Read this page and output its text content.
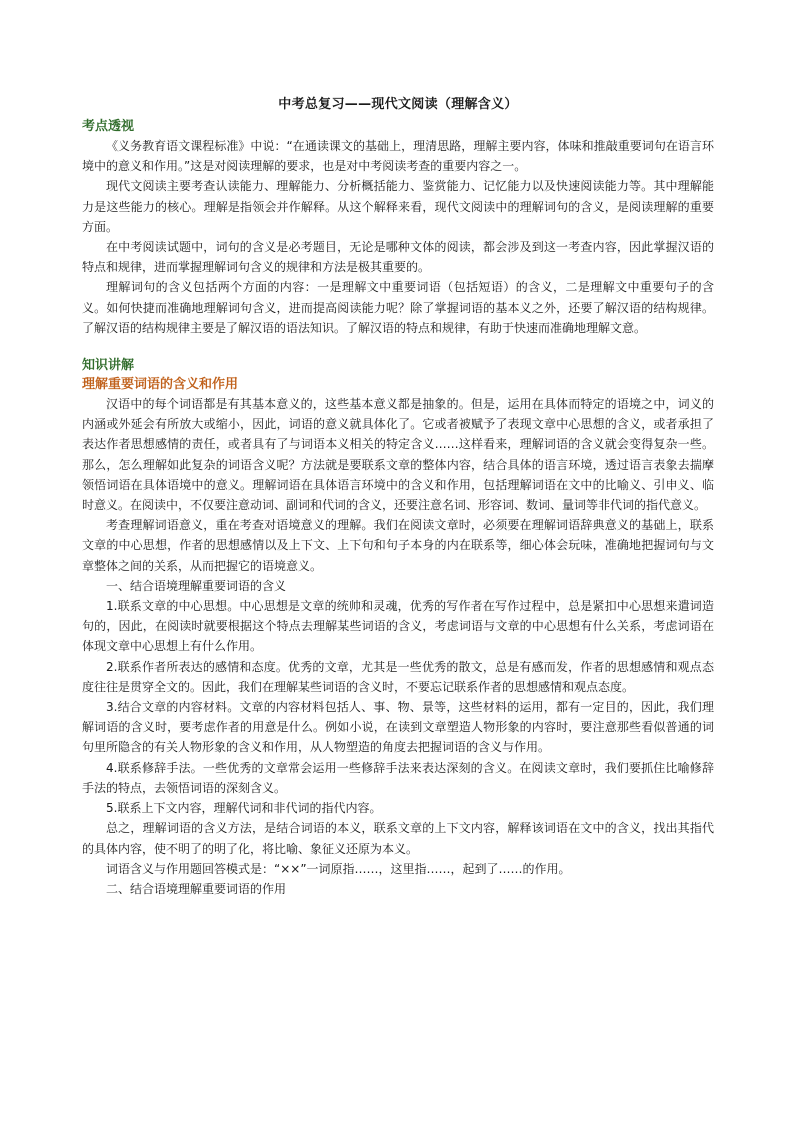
中考总复习——现代文阅读（理解含义）
考点透视

《义务教育语文课程标准》中说：“在通读课文的基础上，理清思路，理解主要内容，体味和推敲重要词句在语言环境中的意义和作用。”这是对阅读理解的要求，也是对中考阅读考查的重要内容之一。

现代文阅读主要考查认读能力、理解能力、分析概括能力、鉴赏能力、记忆能力以及快速阅读能力等。其中理解能力是这些能力的核心。理解是指领会并作解释。从这个解释来看，现代文阅读中的理解词句的含义，是阅读理解的重要方面。

在中考阅读试题中，词句的含义是必考题目，无论是哪种文体的阅读，都会涉及到这一考查内容，因此掌握汉语的特点和规律，进而掌握理解词句含义的规律和方法是极其重要的。

理解词句的含义包括两个方面的内容：一是理解文中重要词语（包括短语）的含义，二是理解文中重要句子的含义。如何快捷而准确地理解词句含义，进而提高阅读能力呢？除了掌握词语的基本义之外，还要了解汉语的结构规律。了解汉语的结构规律主要是了解汉语的语法知识。了解汉语的特点和规律，有助于快速而准确地理解文意。

知识讲解
理解重要词语的含义和作用

汉语中的每个词语都是有其基本意义的，这些基本意义都是抽象的。但是，运用在具体而特定的语境之中，词义的内涵或外延会有所放大或缩小，因此，词语的意义就具体化了。它或者被赋予了表现文章中心思想的含义，或者承担了表达作者思想感情的责任，或者具有了与词语本义相关的特定含义……这样看来，理解词语的含义就会变得复杂一些。那么，怎么理解如此复杂的词语含义呢？方法就是要联系文章的整体内容，结合具体的语言环境，透过语言表象去揣摩领悟词语在具体语境中的意义。理解词语在具体语言环境中的含义和作用，包括理解词语在文中的比喻义、引申义、临时意义。在阅读中，不仅要注意动词、副词和代词的含义，还要注意名词、形容词、数词、量词等非代词的指代意义。

考查理解词语意义，重在考查对语境意义的理解。我们在阅读文章时，必须要在理解词语辞典意义的基础上，联系文章的中心思想，作者的思想感情以及上下文、上下句和句子本身的内在联系等，细心体会玩味，准确地把握词句与文章整体之间的关系，从而把握它的语境意义。

一、结合语境理解重要词语的含义

1.联系文章的中心思想。中心思想是文章的统帅和灵魂，优秀的写作者在写作过程中，总是紧扣中心思想来遣词造句的，因此，在阅读时就要根据这个特点去理解某些词语的含义，考虑词语与文章的中心思想有什么关系，考虑词语在体现文章中心思想上有什么作用。

2.联系作者所表达的感情和态度。优秀的文章，尤其是一些优秀的散文，总是有感而发，作者的思想感情和观点态度往往是贯穿全文的。因此，我们在理解某些词语的含义时，不要忘记联系作者的思想感情和观点态度。

3.结合文章的内容材料。文章的内容材料包括人、事、物、景等，这些材料的运用，都有一定目的，因此，我们理解词语的含义时，要考虑作者的用意是什么。例如小说，在读到文章塑造人物形象的内容时，要注意那些看似普通的词句里所隐含的有关人物形象的含义和作用，从人物塑造的角度去把握词语的含义与作用。

4.联系修辞手法。一些优秀的文章常会运用一些修辞手法来表达深刻的含义。在阅读文章时，我们要抓住比喻修辞手法的特点，去领悟词语的深刻含义。

5.联系上下文内容，理解代词和非代词的指代内容。

总之，理解词语的含义方法，是结合词语的本义，联系文章的上下文内容，解释该词语在文中的含义，找出其指代的具体内容，使不明了的明了化，将比喻、象征义还原为本义。

词语含义与作用题回答模式是：“××”一词原指……，这里指……，起到了……的作用。

二、结合语境理解重要词语的作用
